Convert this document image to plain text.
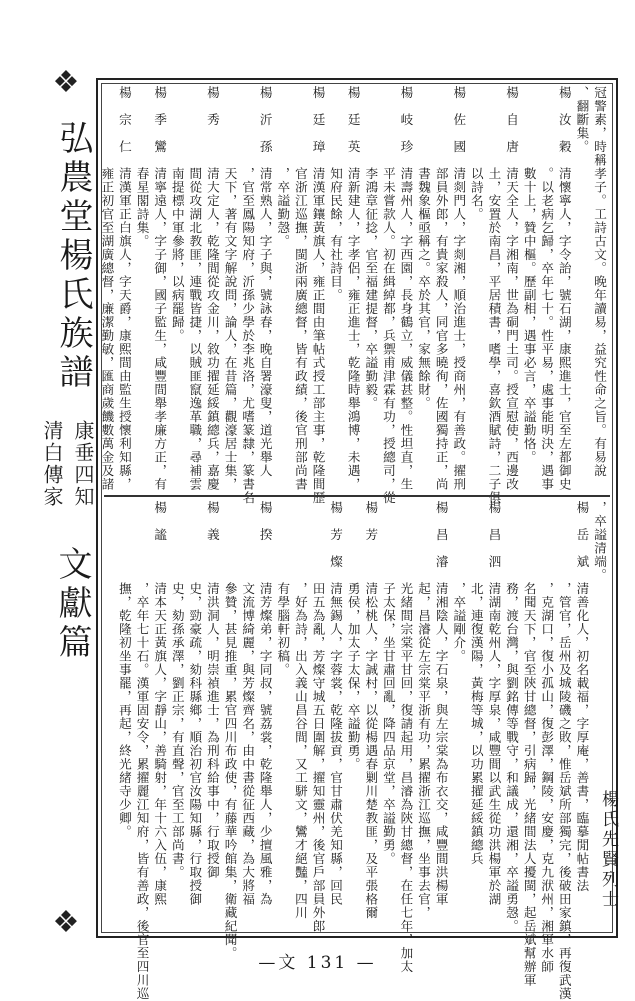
❖
弘農堂楊氏族譜
康垂四知
清白傳家
文獻篇
❖
冠警素，時稱孝子。工詩古文。晚年讀易，益究性命之旨。有易說
、翻斷集。
楊　汝　穀　清懷寧人，字令詒，號石湖，康熙進士，官至左都御史
　　　　　　。以老病乞歸，卒年七十。性平易，處事能明決，遇事
　　　　　　數十上，贊中樞。歷副相，遇事必言，卒謚勤恪。
楊　自　唐　清天全人，字湘南，世為硐門土司。授宣慰使，西邊改
　　　　　　土，安置於南昌，平居積書，嗜學，喜欽酒賦詩，二子俱
　　　　　　以詩名。
楊　佐　國　清剡門人，字剡湘，順治進士，授商州，有善政。擢刑
　　　　　　部員外郎，有貴家殺人，同官多曉徇，佐國獨持正，尚
　　　　　　書魏象樞亟稱之。卒於其官，家無餘財。
楊　岐　珍　清壽州人，字西園，長身鶴立，威儀甚整。性坦直，生
　　　　　　平未嘗款人。初在緝綽都，兵禦甫津霖有功，授總司，從
　　　　　　李鴻章征捻，官至福建提督，卒謚勤毅。
楊　廷　英　清新建人，字孝侶，雍正進士，乾隆時舉鴻博，未遇，
　　　　　　知府民餘，有社詩目。
楊　廷　璋　清漢軍鑲黃旗人，雍正間由筆帖式授工部主事，乾隆間歷
　　　　　　官浙江巡撫，閩浙兩廣總督，皆有政績，後官刑部尚書
　　　　　　，卒謚勤愨。
楊　沂　孫　清常熟人，字子與，號詠春，晚自署濠叟，道光舉人
　　　　　　，官至鳳陽知府，沂孫少學於李兆洛，尤嗜篆隸，篆書名
　　　　　　天下，著有文字解說問，論人，在昔篇，觀濠居士集，
楊　秀　　　清大定人，乾隆間從攻金川，敘功擢延綏鎮總兵，嘉慶
　　　　　　間從攻湖北教匪，連戰皆捷，以賊匪竄逸革職，尋補雲
　　　　　　南提標中軍參將，以病罷歸。
楊　季　鸞　清寧遠人，字子御，國子監生，咸豐間舉孝廉方正，有
　　　　　　春星閣詩集。
楊　宗　仁　清漢軍正白旗人，字天爵，康熙間由監生授懷利知縣，
　　　　　　雍正初官至湖廣總督，廉潔勤敏，匯商歲饑數萬金及諸

，卒謚清端。
楊　岳　斌　清善化人，初名載福，字厚庵，善書，臨摹閒帖書法
　　　　　　，管官，岳州及城陵磯之敗，惟岳斌所部獨完，後破田家鎮，再復武漢
　　　　　　，克湖口，復小孤山，復彭澤，鋼陵，安慶，克九洑州，湘軍水師
　　　　　　名聞天下，官至陝甘總督，引病歸，光緒間法人擾閩，起岳斌幫辦軍
　　　　　　務，渡台灣，與劉銘傳等戰守，和議成，還湘，卒謚勇愨。
楊　昌　泗　清湖南乾州人，字厚泉，咸豐間以武生從功洪楊軍於湖
　　　　　　北，連復漢陽，黃梅等城，以功累擢延綏鎮總兵
　　　　　　，卒謚剛介。
楊　昌　濬　清湘陰人，字石泉，與左宗棠為布衣交，咸豐間洪楊軍
　　　　　　起，昌濬從左宗棠平浙有功，累擢浙江巡撫，坐事去官，
　　　　　　光緒間宗棠平甘回，復請起用，昌濬為陝甘總督，在任七年，加太
　　　　　　子太保，坐甘肅回亂，降四品京堂，卒謚勤勇。
楊　芳　　　清松桃人，字誠村，以從楊遇春剿川楚教匪，及平張格爾
　　　　　　勇侯，加太子太保，卒謚勤勇。
楊　芳　燦　清無錫人，字蓉裳，乾隆拔貢，官甘肅伏羌知縣，回民
　　　　　　田五為亂，芳燦守城五日圍解，擢知靈州，後官戶部員外郎
　　　　　　，好為詩，出入義山昌谷間，又工駢文，鸞才絕豔，四川
　　　　　　有學腦軒初稿。
楊　揆　　　清芳燦弟，字同叔，號荔裳，乾隆舉人，少擅風雅，為
　　　　　　文流博綺麗，與芳燦齊名，由中書從征西藏，為大將福
　　　　　　參贊，甚見推重，累官四川布政使，有藤華吟館集，衛藏紀聞。
楊　義　　　清洪洞人，明崇禎進士，為刑科給事中，行取授御
　　　　　　史，勁豪疏，劾科縣鄉，順治初官汝陽知縣，行取授御
　　　　　　史，劾孫承澤，劉正宗，有直聲，官至工部尚書。
楊　謐　　　清本天正黃旗人，字靜山，善騎射，年十六入伍，康熙
　　　　　　，卒年七十石。漢軍固安令，累擢麗江知府，皆有善政，後官至四川巡
　　　　　　撫，乾隆初坐事罷，再起，終光緒寺少卿。

楊氏先賢列士
—文 131 —
